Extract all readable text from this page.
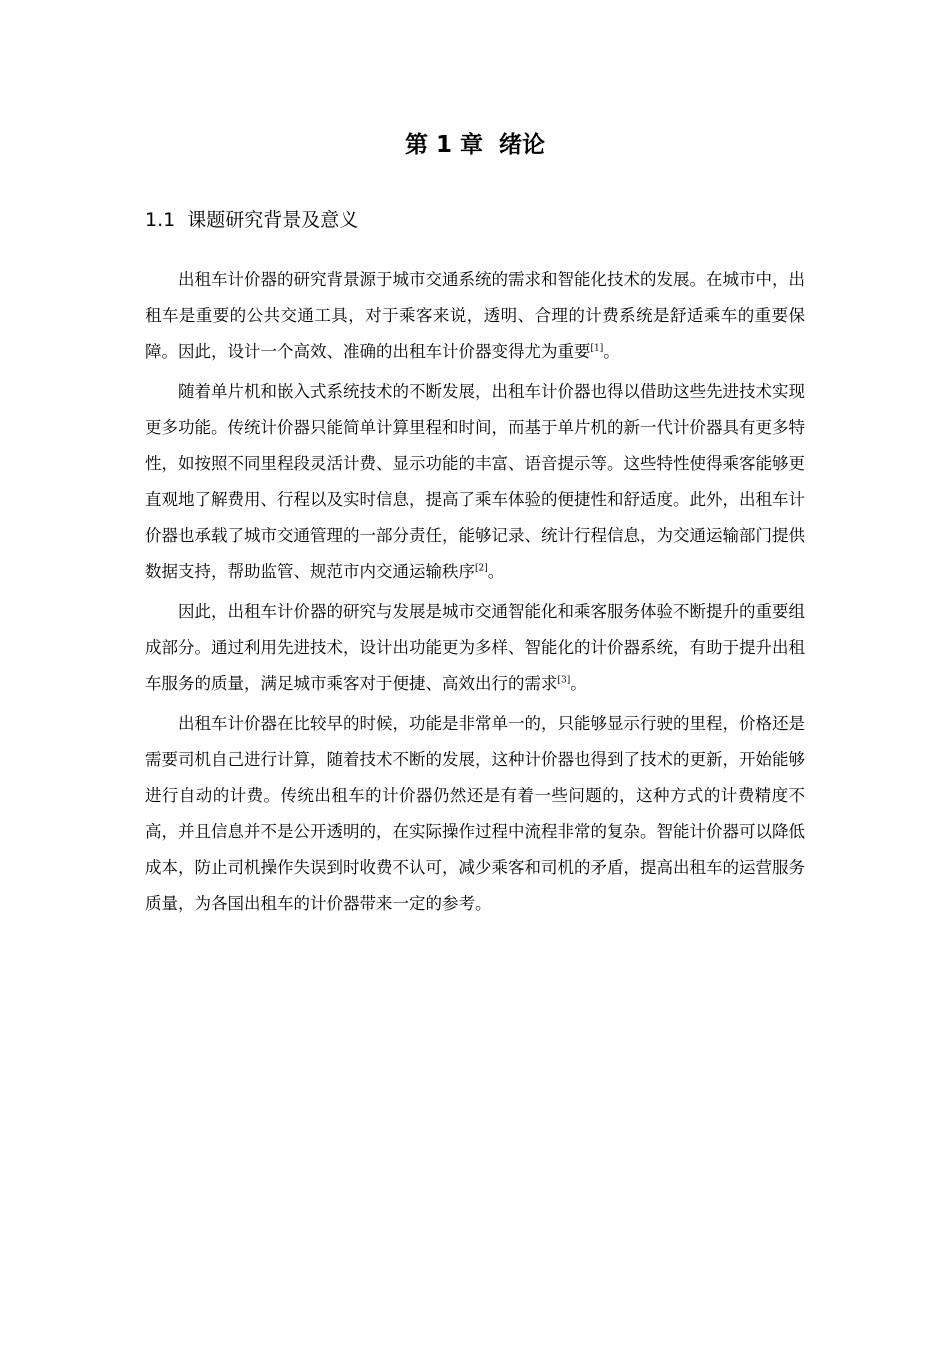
第 1 章  绪论
1.1  课题研究背景及意义

出租车计价器的研究背景源于城市交通系统的需求和智能化技术的发展。在城市中，出租车是重要的公共交通工具，对于乘客来说，透明、合理的计费系统是舒适乘车的重要保障。因此，设计一个高效、准确的出租车计价器变得尤为重要[1]。

随着单片机和嵌入式系统技术的不断发展，出租车计价器也得以借助这些先进技术实现更多功能。传统计价器只能简单计算里程和时间，而基于单片机的新一代计价器具有更多特性，如按照不同里程段灵活计费、显示功能的丰富、语音提示等。这些特性使得乘客能够更直观地了解费用、行程以及实时信息，提高了乘车体验的便捷性和舒适度。此外，出租车计价器也承载了城市交通管理的一部分责任，能够记录、统计行程信息，为交通运输部门提供数据支持，帮助监管、规范市内交通运输秩序[2]。

因此，出租车计价器的研究与发展是城市交通智能化和乘客服务体验不断提升的重要组成部分。通过利用先进技术，设计出功能更为多样、智能化的计价器系统，有助于提升出租车服务的质量，满足城市乘客对于便捷、高效出行的需求[3]。

出租车计价器在比较早的时候，功能是非常单一的，只能够显示行驶的里程，价格还是需要司机自己进行计算，随着技术不断的发展，这种计价器也得到了技术的更新，开始能够进行自动的计费。传统出租车的计价器仍然还是有着一些问题的，这种方式的计费精度不高，并且信息并不是公开透明的，在实际操作过程中流程非常的复杂。智能计价器可以降低成本，防止司机操作失误到时收费不认可，减少乘客和司机的矛盾，提高出租车的运营服务质量，为各国出租车的计价器带来一定的参考。
